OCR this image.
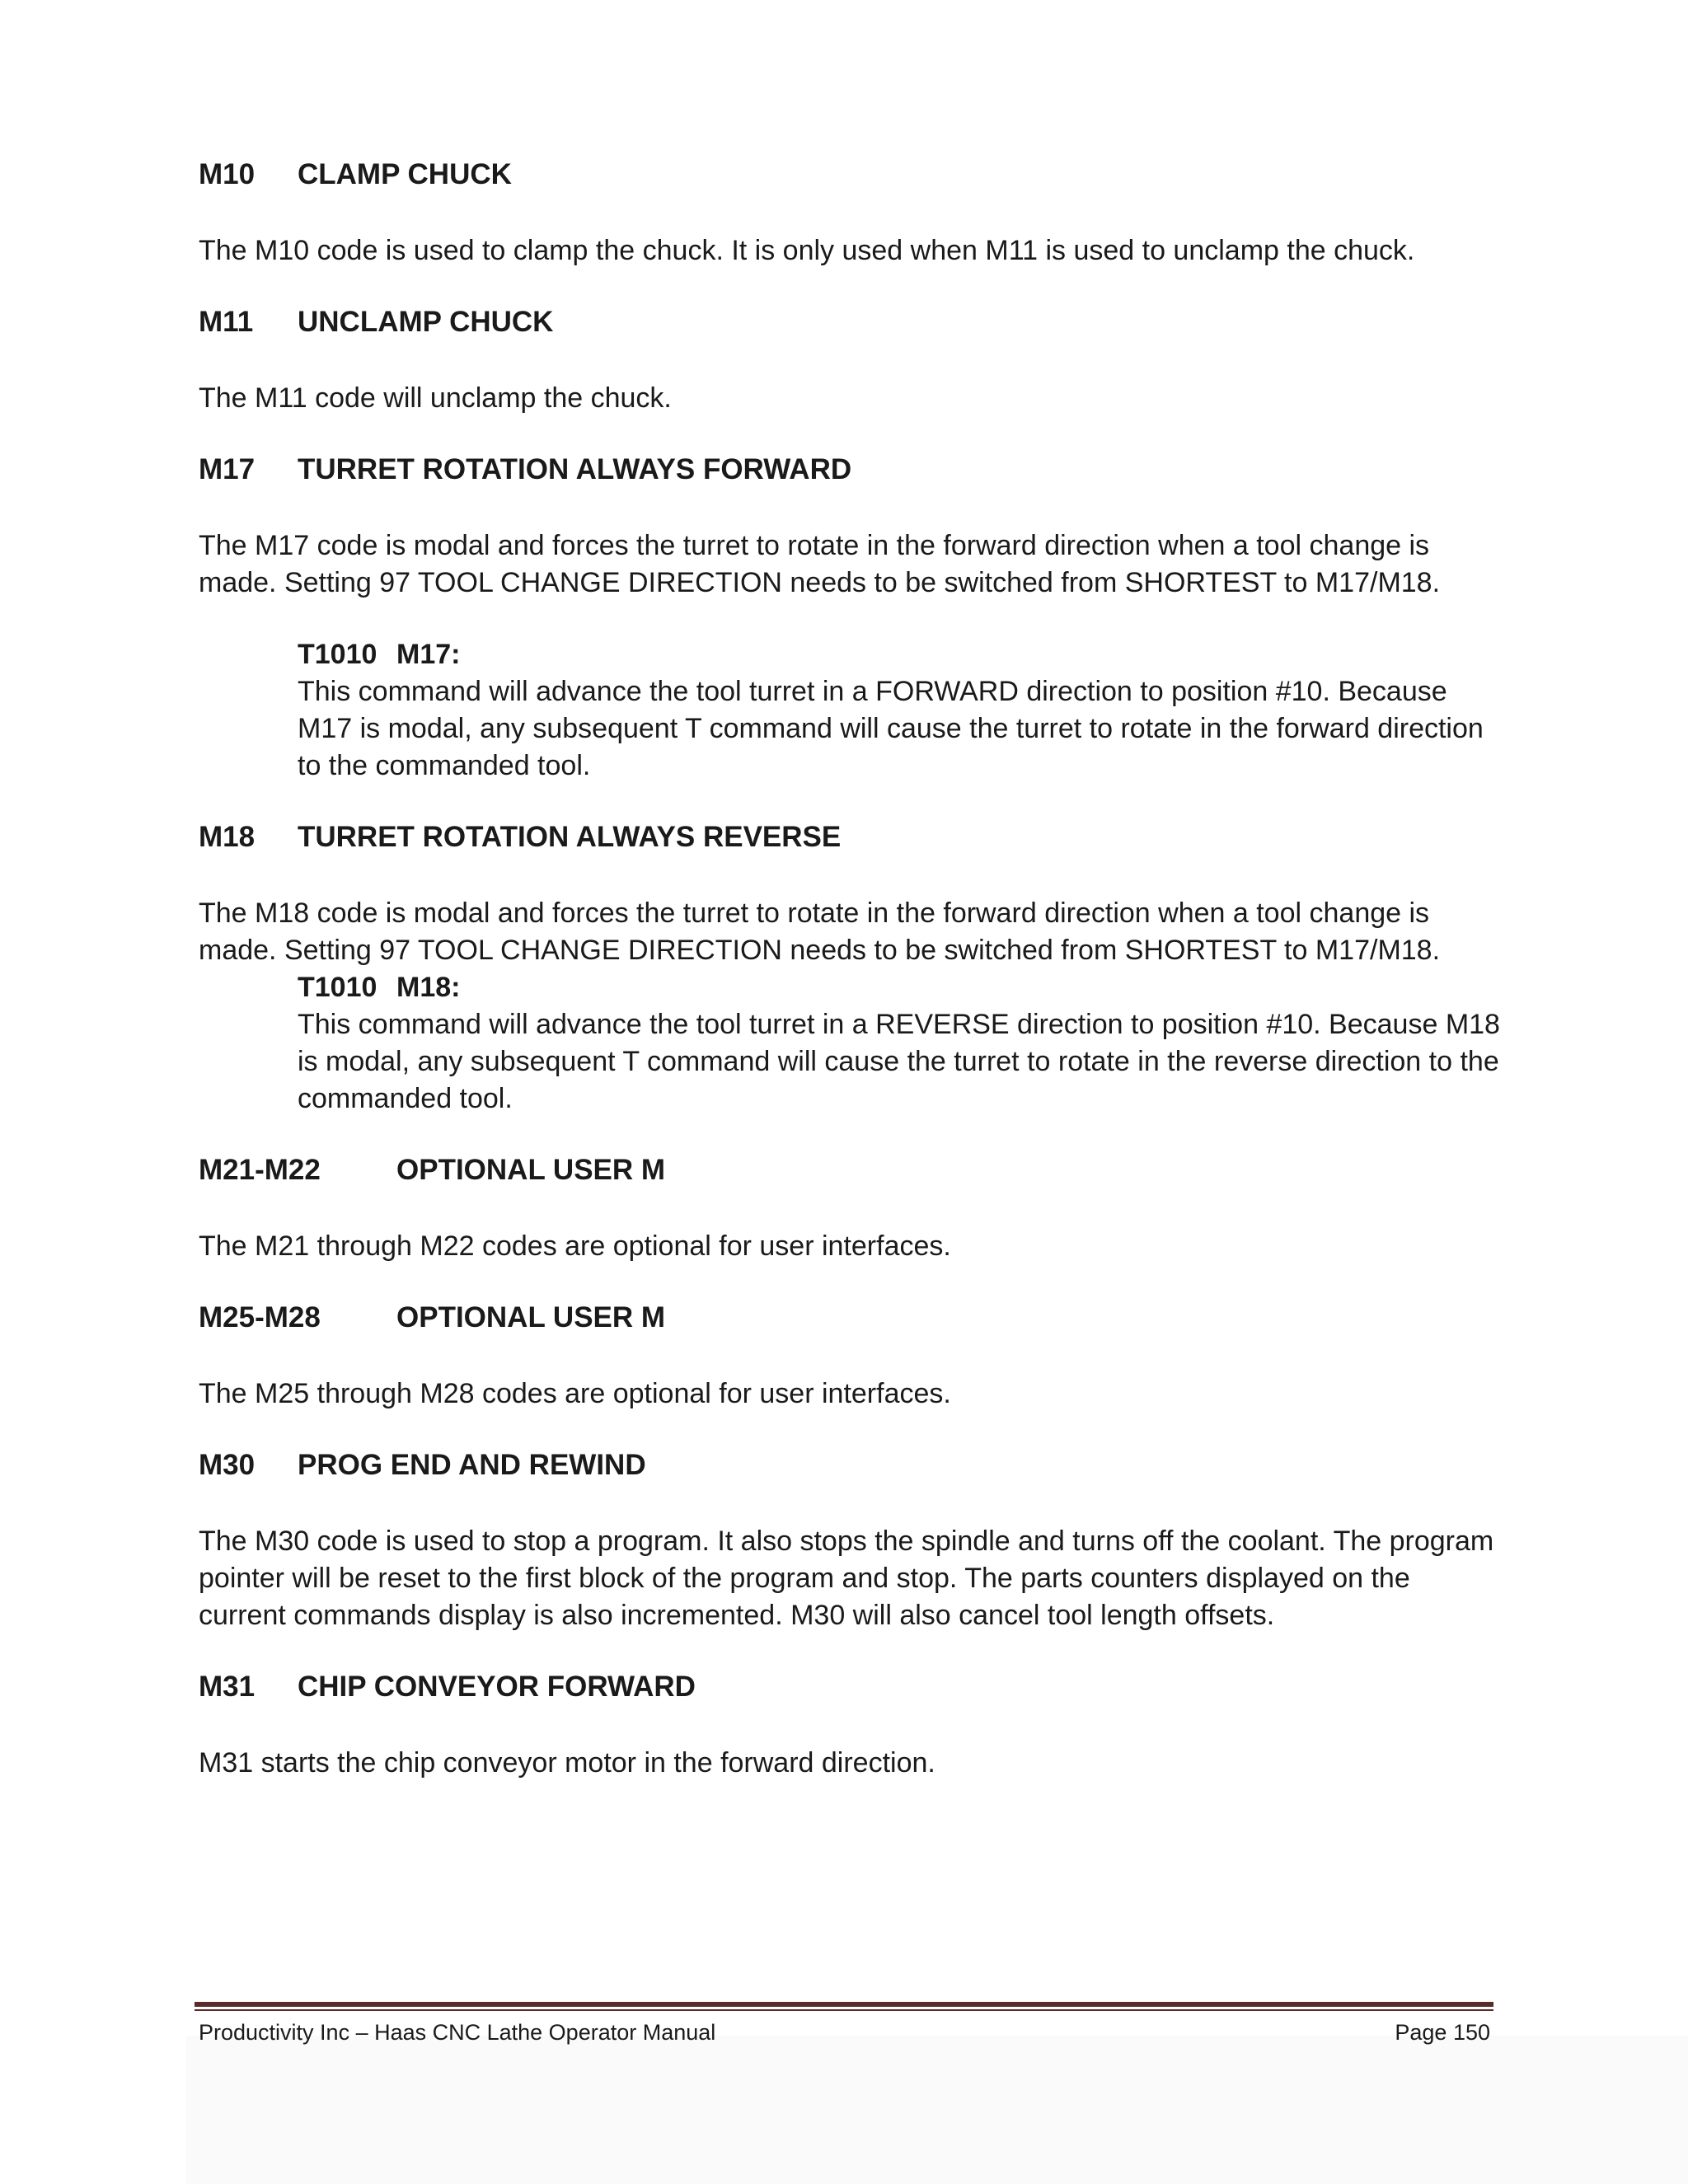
M10 CLAMP CHUCK

The M10 code is used to clamp the chuck. It is only used when M11 is used to unclamp the chuck.

M11 UNCLAMP CHUCK

The M11 code will unclamp the chuck.

M17 TURRET ROTATION ALWAYS FORWARD

The M17 code is modal and forces the turret to rotate in the forward direction when a tool change is made. Setting 97 TOOL CHANGE DIRECTION needs to be switched from SHORTEST to M17/M18.

T1010 M17:
This command will advance the tool turret in a FORWARD direction to position #10. Because M17 is modal, any subsequent T command will cause the turret to rotate in the forward direction to the commanded tool.
M18 TURRET ROTATION ALWAYS REVERSE

The M18 code is modal and forces the turret to rotate in the forward direction when a tool change is made. Setting 97 TOOL CHANGE DIRECTION needs to be switched from SHORTEST to M17/M18.

T1010 M18:
This command will advance the tool turret in a REVERSE direction to position #10. Because M18 is modal, any subsequent T command will cause the turret to rotate in the reverse direction to the commanded tool.
M21-M22	OPTIONAL USER M

The M21 through M22 codes are optional for user interfaces.

M25-M28	OPTIONAL USER M

The M25 through M28 codes are optional for user interfaces.

M30 PROG END AND REWIND

The M30 code is used to stop a program. It also stops the spindle and turns off the coolant. The program pointer will be reset to the first block of the program and stop. The parts counters displayed on the current commands display is also incremented. M30 will also cancel tool length offsets.

M31 CHIP CONVEYOR FORWARD

M31 starts the chip conveyor motor in the forward direction.

Productivity Inc – Haas CNC Lathe Operator Manual	Page 150
